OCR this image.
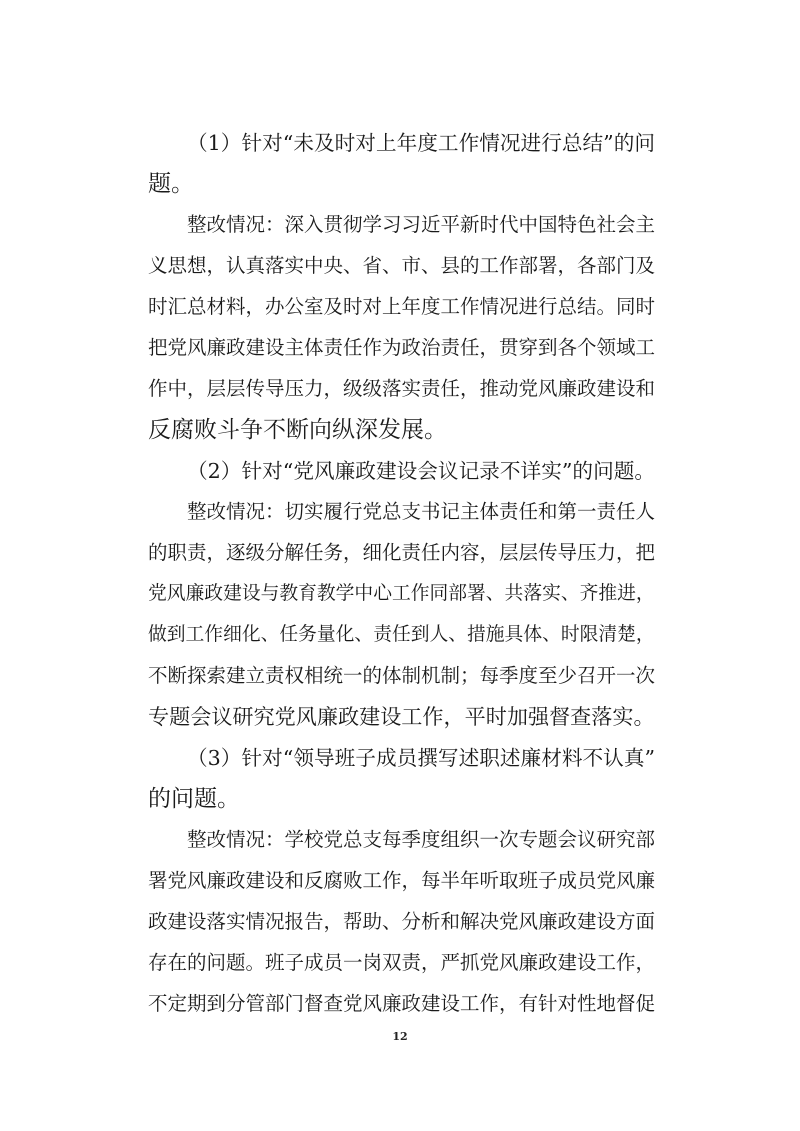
（1）针对“未及时对上年度工作情况进行总结”的问
题。
整改情况：深入贯彻学习习近平新时代中国特色社会主
义思想，认真落实中央、省、市、县的工作部署，各部门及
时汇总材料，办公室及时对上年度工作情况进行总结。同时
把党风廉政建设主体责任作为政治责任，贯穿到各个领域工
作中，层层传导压力，级级落实责任，推动党风廉政建设和
反腐败斗争不断向纵深发展。
（2）针对“党风廉政建设会议记录不详实”的问题。
整改情况：切实履行党总支书记主体责任和第一责任人
的职责，逐级分解任务，细化责任内容，层层传导压力，把
党风廉政建设与教育教学中心工作同部署、共落实、齐推进，
做到工作细化、任务量化、责任到人、措施具体、时限清楚，
不断探索建立责权相统一的体制机制；每季度至少召开一次
专题会议研究党风廉政建设工作，平时加强督查落实。
（3）针对“领导班子成员撰写述职述廉材料不认真”
的问题。
整改情况：学校党总支每季度组织一次专题会议研究部
署党风廉政建设和反腐败工作，每半年听取班子成员党风廉
政建设落实情况报告，帮助、分析和解决党风廉政建设方面
存在的问题。班子成员一岗双责，严抓党风廉政建设工作，
不定期到分管部门督查党风廉政建设工作，有针对性地督促
12
